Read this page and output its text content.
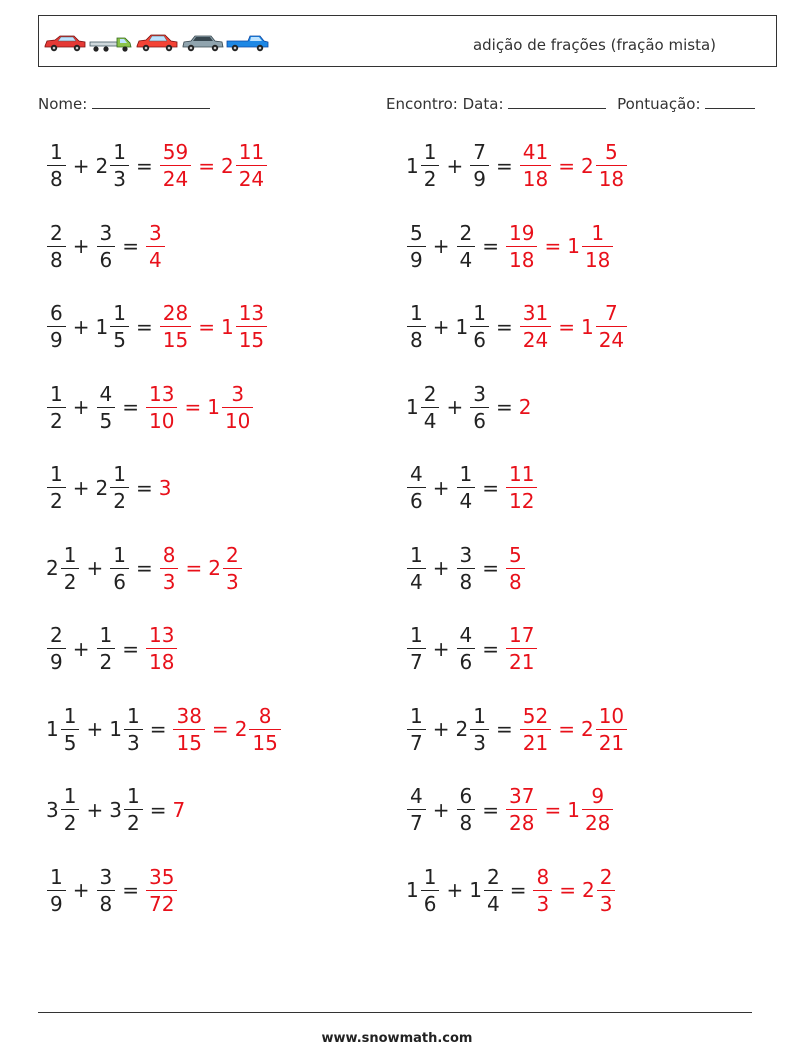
adição de frações (fração mista)
Nome:	Encontro: Data:	Pontuação:
$\frac{1}{8} + 2 \frac{1}{3} = \frac{59}{24} = 2 \frac{11}{24}$	$1 \frac{1}{2} + \frac{7}{9} = \frac{41}{18} = 2 \frac{5}{18}$
$\frac{2}{8} + \frac{3}{6} = \frac{3}{4}$	$\frac{5}{9} + \frac{2}{4} = \frac{19}{18} = 1 \frac{1}{18}$
$\frac{6}{9} + 1 \frac{1}{5} = \frac{28}{15} = 1 \frac{13}{15}$	$\frac{1}{8} + 1 \frac{1}{6} = \frac{31}{24} = 1 \frac{7}{24}$
$\frac{1}{2} + \frac{4}{5} = \frac{13}{10} = 1 \frac{3}{10}$	$1 \frac{2}{4} + \frac{3}{6} = 2$
$\frac{1}{2} + 2 \frac{1}{2} = 3$	$\frac{4}{6} + \frac{1}{4} = \frac{11}{12}$
$2 \frac{1}{2} + \frac{1}{6} = \frac{8}{3} = 2 \frac{2}{3}$	$\frac{1}{4} + \frac{3}{8} = \frac{5}{8}$
$\frac{2}{9} + \frac{1}{2} = \frac{13}{18}$	$\frac{1}{7} + \frac{4}{6} = \frac{17}{21}$
$1 \frac{1}{5} + 1 \frac{1}{3} = \frac{38}{15} = 2 \frac{8}{15}$	$\frac{1}{7} + 2 \frac{1}{3} = \frac{52}{21} = 2 \frac{10}{21}$
$3 \frac{1}{2} + 3 \frac{1}{2} = 7$	$\frac{4}{7} + \frac{6}{8} = \frac{37}{28} = 1 \frac{9}{28}$
$\frac{1}{9} + \frac{3}{8} = \frac{35}{72}$	$1 \frac{1}{6} + 1 \frac{2}{4} = \frac{8}{3} = 2 \frac{2}{3}$
www.snowmath.com
